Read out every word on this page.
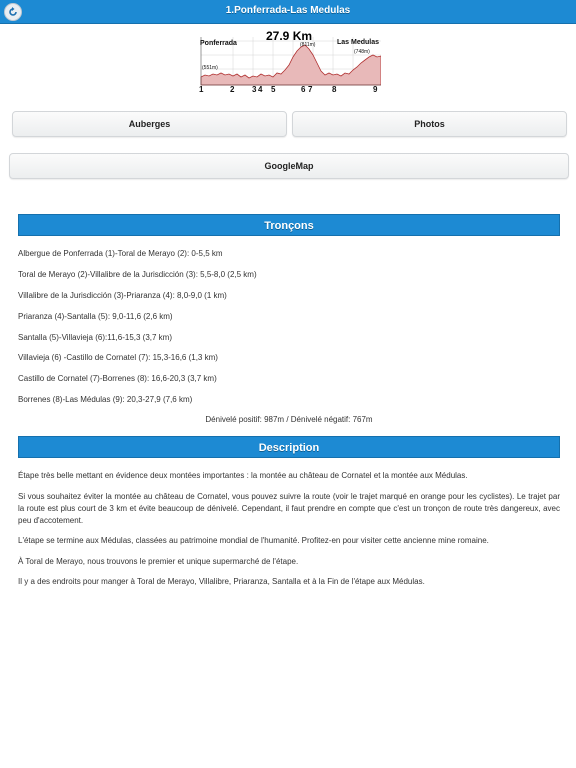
1.Ponferrada-Las Medulas
27.9 Km
Ponferrada	Las Medulas
(551m)
(811m)
(748m)
1	2 3 4 5	6 7 8	9
Auberges	Photos
GoogleMap
Tronçons
Albergue de Ponferrada (1)-Toral de Merayo (2): 0-5,5 km
Toral de Merayo (2)-Villalibre de la Jurisdicción (3): 5,5-8,0 (2,5 km)
Villalibre de la Jurisdicción (3)-Priaranza (4): 8,0-9,0 (1 km)
Priaranza (4)-Santalla (5): 9,0-11,6 (2,6 km)
Santalla (5)-Villavieja (6):11,6-15,3 (3,7 km)
Villavieja (6) -Castillo de Cornatel (7): 15,3-16,6 (1,3 km)
Castillo de Cornatel (7)-Borrenes (8): 16,6-20,3 (3,7 km)
Borrenes (8)-Las Médulas (9): 20,3-27,9 (7,6 km)
Dénivelé positif: 987m / Dénivelé négatif: 767m
Description

Étape très belle mettant en évidence deux montées importantes : la montée au château de Cornatel et la montée aux Médulas.

Si vous souhaitez éviter la montée au château de Cornatel, vous pouvez suivre la route (voir le trajet marqué en orange pour les cyclistes). Le trajet par la route est plus court de 3 km et évite beaucoup de dénivelé. Cependant, il faut prendre en compte que c'est un tronçon de route très dangereux, avec peu d'accotement.

L'étape se termine aux Médulas, classées au patrimoine mondial de l'humanité. Profitez-en pour visiter cette ancienne mine romaine.

À Toral de Merayo, nous trouvons le premier et unique supermarché de l'étape.

Il y a des endroits pour manger à Toral de Merayo, Villalibre, Priaranza, Santalla et à la Fin de l'étape aux Médulas.
